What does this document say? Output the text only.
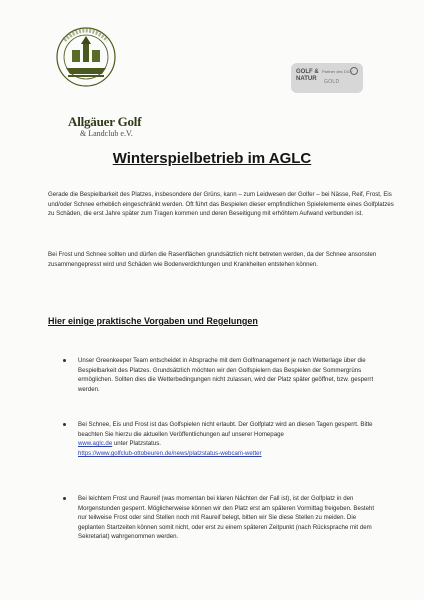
Allgäuer Golf
& Landclub e.V.
GOLF &
NATUR
Partner des DGV
GOLD
Winterspielbetrieb im AGLC
Gerade die Bespielbarkeit des Platzes, insbesondere der Grüns, kann – zum Leidwesen der Golfer – bei Nässe, Reif, Frost, Eis und/oder Schnee erheblich eingeschränkt werden. Oft führt das Bespielen dieser empfindlichen Spielelemente eines Golfplatzes zu Schäden, die erst Jahre später zum Tragen kommen und deren Beseitigung mit erhöhtem Aufwand verbunden ist.
Bei Frost und Schnee sollten und dürfen die Rasenflächen grundsätzlich nicht betreten werden, da der Schnee ansonsten zusammengepresst wird und Schäden wie Bodenverdichtungen und Krankheiten entstehen können.
Hier einige praktische Vorgaben und Regelungen
Unser Greenkeeper Team entscheidet in Absprache mit dem Golfmanagement je nach Wetterlage über die Bespielbarkeit des Platzes. Grundsätzlich möchten wir den Golfspielern das Bespielen der Sommergrüns ermöglichen. Sollten dies die Wetterbedingungen nicht zulassen, wird der Platz später geöffnet, bzw. gesperrt werden.
Bei Schnee, Eis und Frost ist das Golfspielen nicht erlaubt. Der Golfplatz wird an diesen Tagen gesperrt. Bitte beachten Sie hierzu die aktuellen Veröffentlichungen auf unserer Homepage
www.aglc.de unter Platzstatus.
https://www.golfclub-ottobeuren.de/news/platzstatus-webcam-wetter
Bei leichtem Frost und Raureif (was momentan bei klaren Nächten der Fall ist), ist der Golfplatz in den Morgenstunden gesperrt. Möglicherweise können wir den Platz erst am späteren Vormittag freigeben. Besteht nur teilweise Frost oder sind Stellen noch mit Raureif belegt, bitten wir Sie diese Stellen zu meiden. Die geplanten Startzeiten können somit nicht, oder erst zu einem späteren Zeitpunkt (nach Rücksprache mit dem Sekretariat) wahrgenommen werden.
